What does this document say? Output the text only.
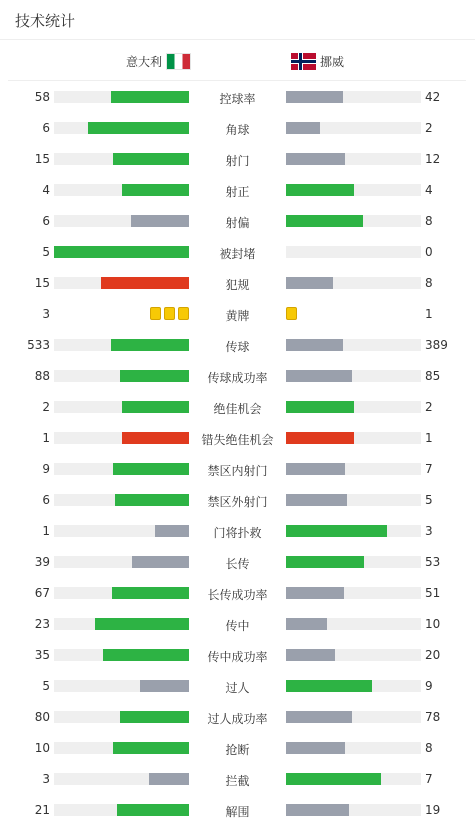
技术统计
意大利	挪威
58	控球率	42
6	角球	2
15	射门	12
4	射正	4
6	射偏	8
5	被封堵	0
15	犯规	8
3	黄牌	1
533	传球	389
88	传球成功率	85
2	绝佳机会	2
1	错失绝佳机会	1
9	禁区内射门	7
6	禁区外射门	5
1	门将扑救	3
39	长传	53
67	长传成功率	51
23	传中	10
35	传中成功率	20
5	过人	9
80	过人成功率	78
10	抢断	8
3	拦截	7
21	解围	19
